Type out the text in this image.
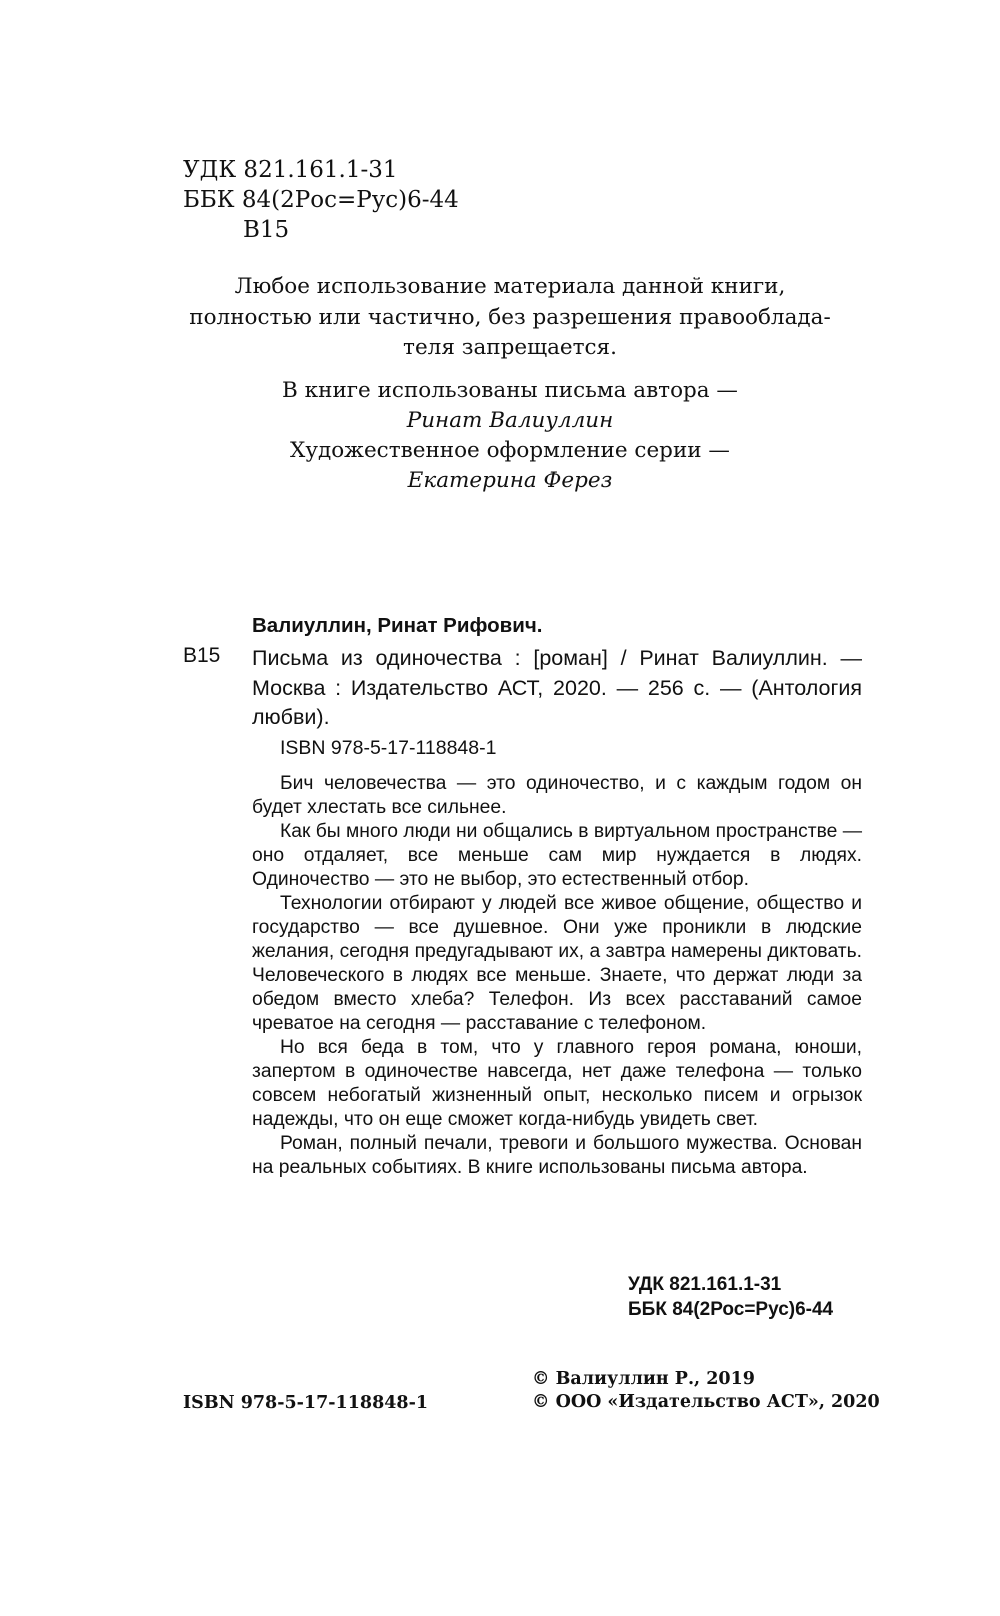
УДК 821.161.1-31
ББК 84(2Рос=Рус)6-44
В15
Любое использование материала данной книги,
полностью или частично, без разрешения правооблада-
теля запрещается.
В книге использованы письма автора —
Ринат Валиуллин
Художественное оформление серии —
Екатерина Ферез
Валиуллин, Ринат Рифович.
В15 Письма из одиночества : [роман] / Ринат Валиуллин. — Москва : Издательство АСТ, 2020. — 256 с. — (Антология любви).
ISBN 978-5-17-118848-1

Бич человечества — это одиночество, и с каждым годом он будет хлестать все сильнее.

Как бы много люди ни общались в виртуальном пространстве — оно отдаляет, все меньше сам мир нуждается в людях. Одиночество — это не выбор, это естественный отбор.

Технологии отбирают у людей все живое общение, общество и государство — все душевное. Они уже проникли в людские желания, сегодня предугадывают их, а завтра намерены диктовать. Человеческого в людях все меньше. Знаете, что держат люди за обедом вместо хлеба? Телефон. Из всех расставаний самое чреватое на сегодня — расставание с телефоном.

Но вся беда в том, что у главного героя романа, юноши, запертом в одиночестве навсегда, нет даже телефона — только совсем небогатый жизненный опыт, несколько писем и огрызок надежды, что он еще сможет когда-нибудь увидеть свет.

Роман, полный печали, тревоги и большого мужества. Основан на реальных событиях. В книге использованы письма автора.

УДК 821.161.1-31
ББК 84(2Рос=Рус)6-44
ISBN 978-5-17-118848-1
© Валиуллин Р., 2019
© ООО «Издательство АСТ», 2020
